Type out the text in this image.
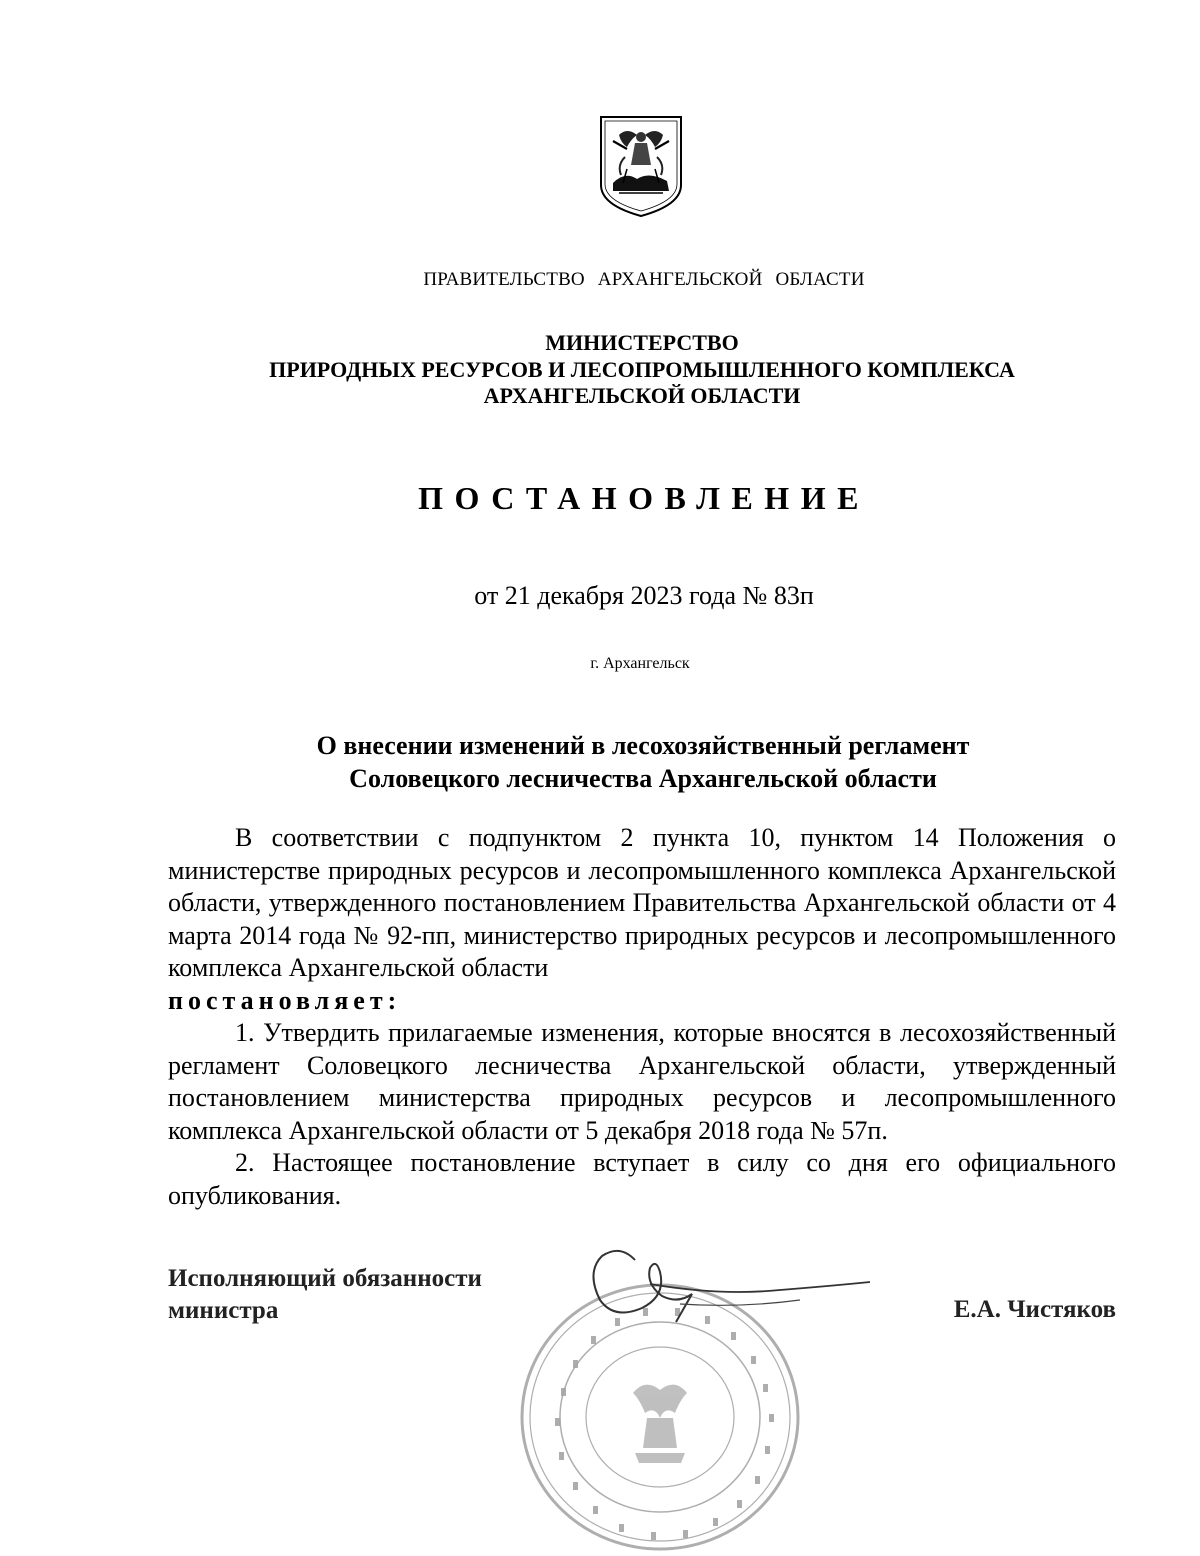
ПРАВИТЕЛЬСТВО АРХАНГЕЛЬСКОЙ ОБЛАСТИ
МИНИСТЕРСТВО
ПРИРОДНЫХ РЕСУРСОВ И ЛЕСОПРОМЫШЛЕННОГО КОМПЛЕКСА
АРХАНГЕЛЬСКОЙ ОБЛАСТИ
ПОСТАНОВЛЕНИЕ
от 21 декабря 2023 года № 83п
г. Архангельск
О внесении изменений в лесохозяйственный регламент
Соловецкого лесничества Архангельской области

В соответствии с подпунктом 2 пункта 10, пунктом 14 Положения о министерстве природных ресурсов и лесопромышленного комплекса Архангельской области, утвержденного постановлением Правительства Архангельской области от 4 марта 2014 года № 92-пп, министерство природных ресурсов и лесопромышленного комплекса Архангельской области

постановляет:

1. Утвердить прилагаемые изменения, которые вносятся в лесохозяйственный регламент Соловецкого лесничества Архангельской области, утвержденный постановлением министерства природных ресурсов и лесопромышленного комплекса Архангельской области от 5 декабря 2018 года № 57п.

2. Настоящее постановление вступает в силу со дня его официального опубликования.

Исполняющий обязанности
министра	Е.А. Чистяков
